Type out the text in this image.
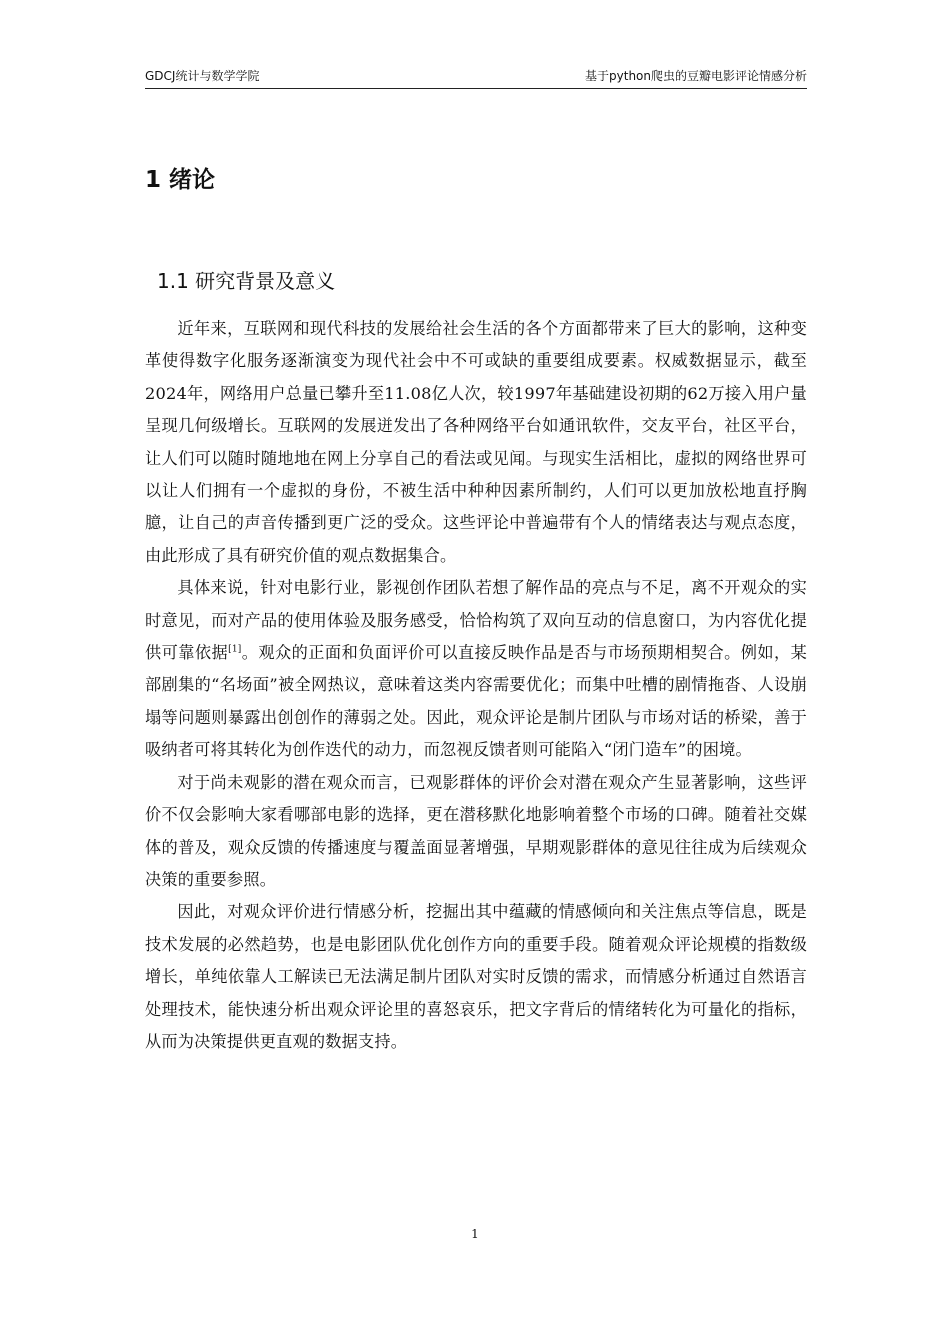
GDCJ统计与数学学院	基于python爬虫的豆瓣电影评论情感分析
1 绪论
1.1 研究背景及意义

近年来，互联网和现代科技的发展给社会生活的各个方面都带来了巨大的影响，这种变革使得数字化服务逐渐演变为现代社会中不可或缺的重要组成要素。权威数据显示，截至2024年，网络用户总量已攀升至11.08亿人次，较1997年基础建设初期的62万接入用户量呈现几何级增长。互联网的发展迸发出了各种网络平台如通讯软件，交友平台，社区平台，让人们可以随时随地地在网上分享自己的看法或见闻。与现实生活相比，虚拟的网络世界可以让人们拥有一个虚拟的身份，不被生活中种种因素所制约，人们可以更加放松地直抒胸臆，让自己的声音传播到更广泛的受众。这些评论中普遍带有个人的情绪表达与观点态度，由此形成了具有研究价值的观点数据集合。

具体来说，针对电影行业，影视创作团队若想了解作品的亮点与不足，离不开观众的实时意见，而对产品的使用体验及服务感受，恰恰构筑了双向互动的信息窗口，为内容优化提供可靠依据[1]。观众的正面和负面评价可以直接反映作品是否与市场预期相契合。例如，某部剧集的“名场面”被全网热议，意味着这类内容需要优化；而集中吐槽的剧情拖沓、人设崩塌等问题则暴露出创创作的薄弱之处。因此，观众评论是制片团队与市场对话的桥梁，善于吸纳者可将其转化为创作迭代的动力，而忽视反馈者则可能陷入“闭门造车”的困境。

对于尚未观影的潜在观众而言，已观影群体的评价会对潜在观众产生显著影响，这些评价不仅会影响大家看哪部电影的选择，更在潜移默化地影响着整个市场的口碑。随着社交媒体的普及，观众反馈的传播速度与覆盖面显著增强，早期观影群体的意见往往成为后续观众决策的重要参照。

因此，对观众评价进行情感分析，挖掘出其中蕴藏的情感倾向和关注焦点等信息，既是技术发展的必然趋势，也是电影团队优化创作方向的重要手段。随着观众评论规模的指数级增长，单纯依靠人工解读已无法满足制片团队对实时反馈的需求，而情感分析通过自然语言处理技术，能快速分析出观众评论里的喜怒哀乐，把文字背后的情绪转化为可量化的指标，从而为决策提供更直观的数据支持。

1
